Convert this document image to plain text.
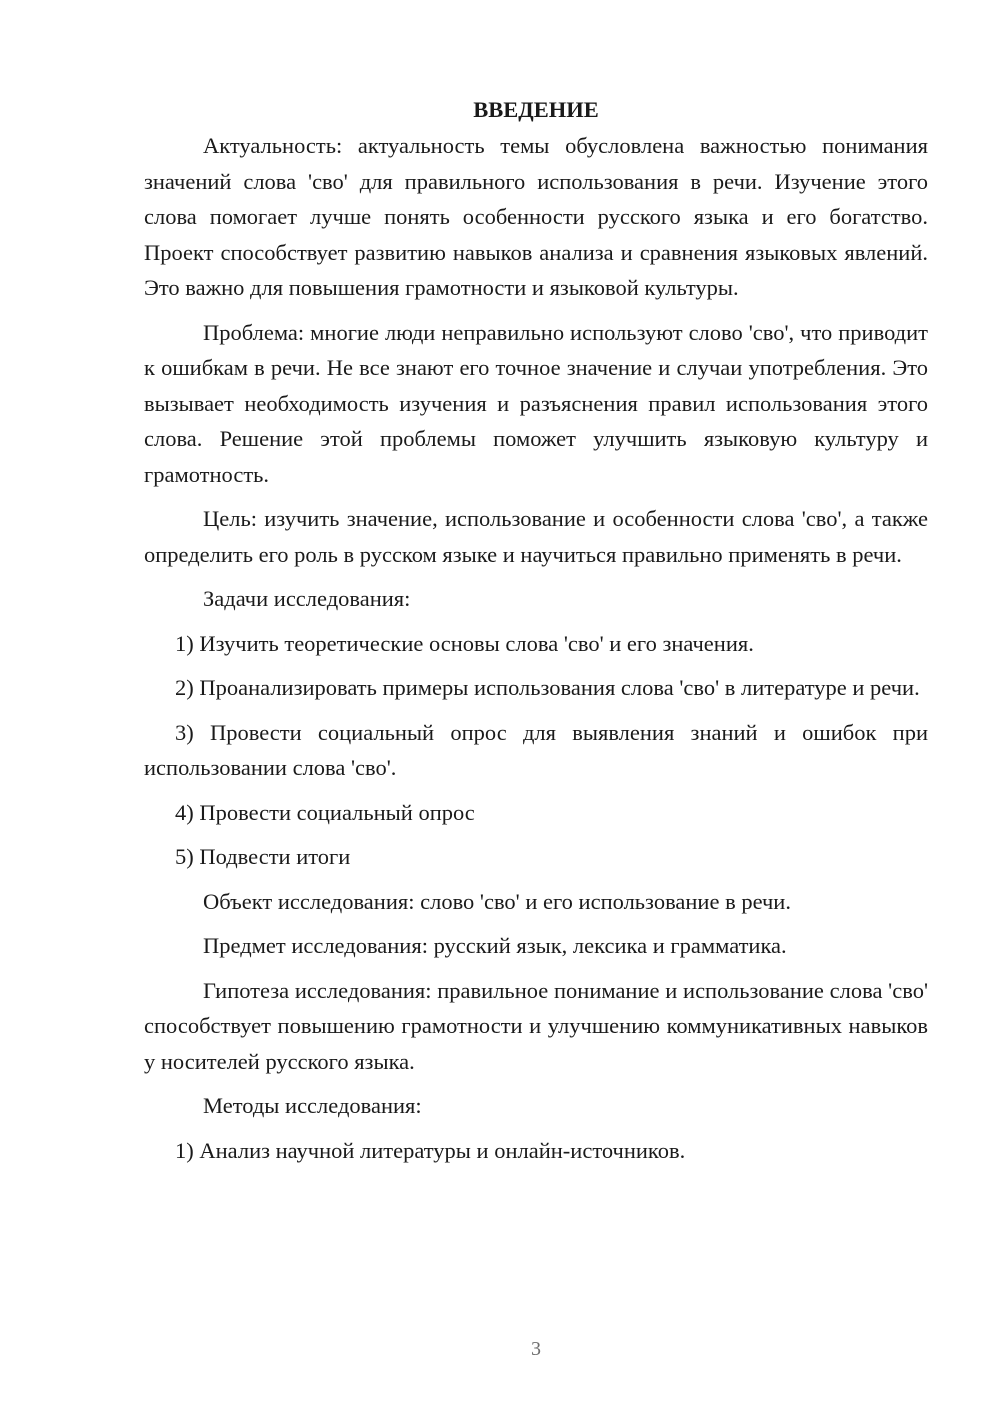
ВВЕДЕНИЕ

Актуальность: актуальность темы обусловлена важностью понимания значений слова 'сво' для правильного использования в речи. Изучение этого слова помогает лучше понять особенности русского языка и его богатство. Проект способствует развитию навыков анализа и сравнения языковых явлений. Это важно для повышения грамотности и языковой культуры.

Проблема: многие люди неправильно используют слово 'сво', что приводит к ошибкам в речи. Не все знают его точное значение и случаи употребления. Это вызывает необходимость изучения и разъяснения правил использования этого слова. Решение этой проблемы поможет улучшить языковую культуру и грамотность.

Цель: изучить значение, использование и особенности слова 'сво', а также определить его роль в русском языке и научиться правильно применять в речи.

Задачи исследования:

1) Изучить теоретические основы слова 'сво' и его значения.

2) Проанализировать примеры использования слова 'сво' в литературе и речи.

3) Провести социальный опрос для выявления знаний и ошибок при использовании слова 'сво'.

4) Провести социальный опрос

5) Подвести итоги

Объект исследования: слово 'сво' и его использование в речи.

Предмет исследования: русский язык, лексика и грамматика.

Гипотеза исследования: правильное понимание и использование слова 'сво' способствует повышению грамотности и улучшению коммуникативных навыков у носителей русского языка.

Методы исследования:

1) Анализ научной литературы и онлайн-источников.

3
